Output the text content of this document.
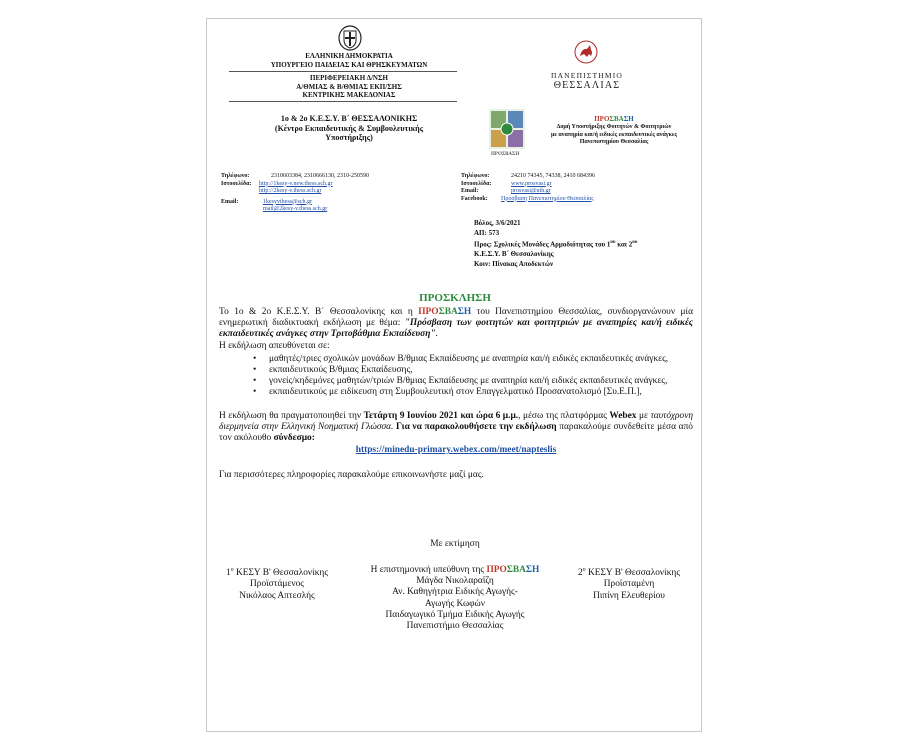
ΕΛΛΗΝΙΚΗ ΔΗΜΟΚΡΑΤΙΑ
ΥΠΟΥΡΓΕΙΟ ΠΑΙΔΕΙΑΣ ΚΑΙ ΘΡΗΣΚΕΥΜΑΤΩΝ
ΠΕΡΙΦΕΡΕΙΑΚΗ Δ/ΝΣΗ
Α/ΘΜΙΑΣ & Β/ΘΜΙΑΣ ΕΚΠ/ΣΗΣ
ΚΕΝΤΡΙΚΗΣ ΜΑΚΕΔΟΝΙΑΣ
1ο & 2ο Κ.Ε.Σ.Υ. Β΄ ΘΕΣΣΑΛΟΝΙΚΗΣ
(Κέντρο Εκπαιδευτικής & Συμβουλευτικής
Υποστήριξης)
Τηλέφωνο:	2310603384, 2310666130, 2310-250590
Ιστοσελίδα: http://1kesy-v.new.thess.sch.gr
http://2kesy-v.thess.sch.gr
Email:	1kesyvthess@sch.gr
mail@2kesy-v.thess.sch.gr
ΠΑΝΕΠΙΣΤΗΜΙΟ
ΘΕΣΣΑΛΙΑΣ
ΠΡΟΣΒΑΣΗ
ΠΡΟΣΒΑΣΗ
Δομή Υποστήριξης Φοιτητών & Φοιτητριών
με αναπηρία και/ή ειδικές εκπαιδευτικές ανάγκες
Πανεπιστημίου Θεσσαλίας
Τηλέφωνο:	24210 74345, 74338, 2410 684396
Ιστοσελίδα:	www.prosvasi.gr
Email:	prosvasi@uth.gr
Facebook: Πρόσβαση Πανεπιστημίου Θεσσαλίας
Βόλος, 3/6/2021
ΑΠ: 573
Προς: Σχολικές Μονάδες Αρμοδιότητας του $1^{o\upsilon}$ και $2^{o\upsilon}$
Κ.Ε.Σ.Υ. Β΄ Θεσσαλονίκης
Κοιν: Πίνακας Αποδεκτών
ΠΡΟΣΚΛΗΣΗ
Το 1ο & 2ο Κ.Ε.Σ.Υ. Β΄ Θεσσαλονίκης και η ΠΡΟΣΒΑΣΗ του Πανεπιστημίου Θεσσαλίας, συνδιοργανώνουν μία ενημερωτική διαδικτυακή εκδήλωση με θέμα: "Πρόσβαση των φοιτητών και φοιτητριών με αναπηρίες και/ή ειδικές εκπαιδευτικές ανάγκες στην Τριτοβάθμια Εκπαίδευση".
Η εκδήλωση απευθύνεται σε:
• μαθητές/τριες σχολικών μονάδων Β/θμιας Εκπαίδευσης με αναπηρία και/ή ειδικές εκπαιδευτικές ανάγκες,
• εκπαιδευτικούς Β/θμιας Εκπαίδευσης,
• γονείς/κηδεμόνες μαθητών/τριών Β/θμιας Εκπαίδευσης με αναπηρία και/ή ειδικές εκπαιδευτικές ανάγκες,
• εκπαιδευτικούς με ειδίκευση στη Συμβουλευτική στον Επαγγελματικό Προσανατολισμό [Συ.Ε.Π.],
Η εκδήλωση θα πραγματοποιηθεί την Τετάρτη 9 Ιουνίου 2021 και ώρα 6 μ.μ., μέσω της πλατφόρμας Webex με ταυτόχρονη διερμηνεία στην Ελληνική Νοηματική Γλώσσα. Για να παρακολουθήσετε την εκδήλωση παρακαλούμε συνδεθείτε μέσα από τον ακόλουθο σύνδεσμο:
https://minedu-primary.webex.com/meet/napteslis
Για περισσότερες πληροφορίες παρακαλούμε επικοινωνήστε μαζί μας.
Με εκτίμηση
$1^o$ ΚΕΣΥ Β' Θεσσαλονίκης
Προϊστάμενος
Νικόλαος Απτεσλής
Η επιστημονική υπεύθυνη της ΠΡΟΣΒΑΣΗ
Μάγδα Νικολαραΐζη
Αν. Καθηγήτρια Ειδικής Αγωγής-
Αγωγής Κωφών
Παιδαγωγικό Τμήμα Ειδικής Αγωγής
Πανεπιστήμιο Θεσσαλίας
$2^o$ ΚΕΣΥ Β' Θεσσαλονίκης
Προϊσταμένη
Πιπίνη Ελευθερίου
